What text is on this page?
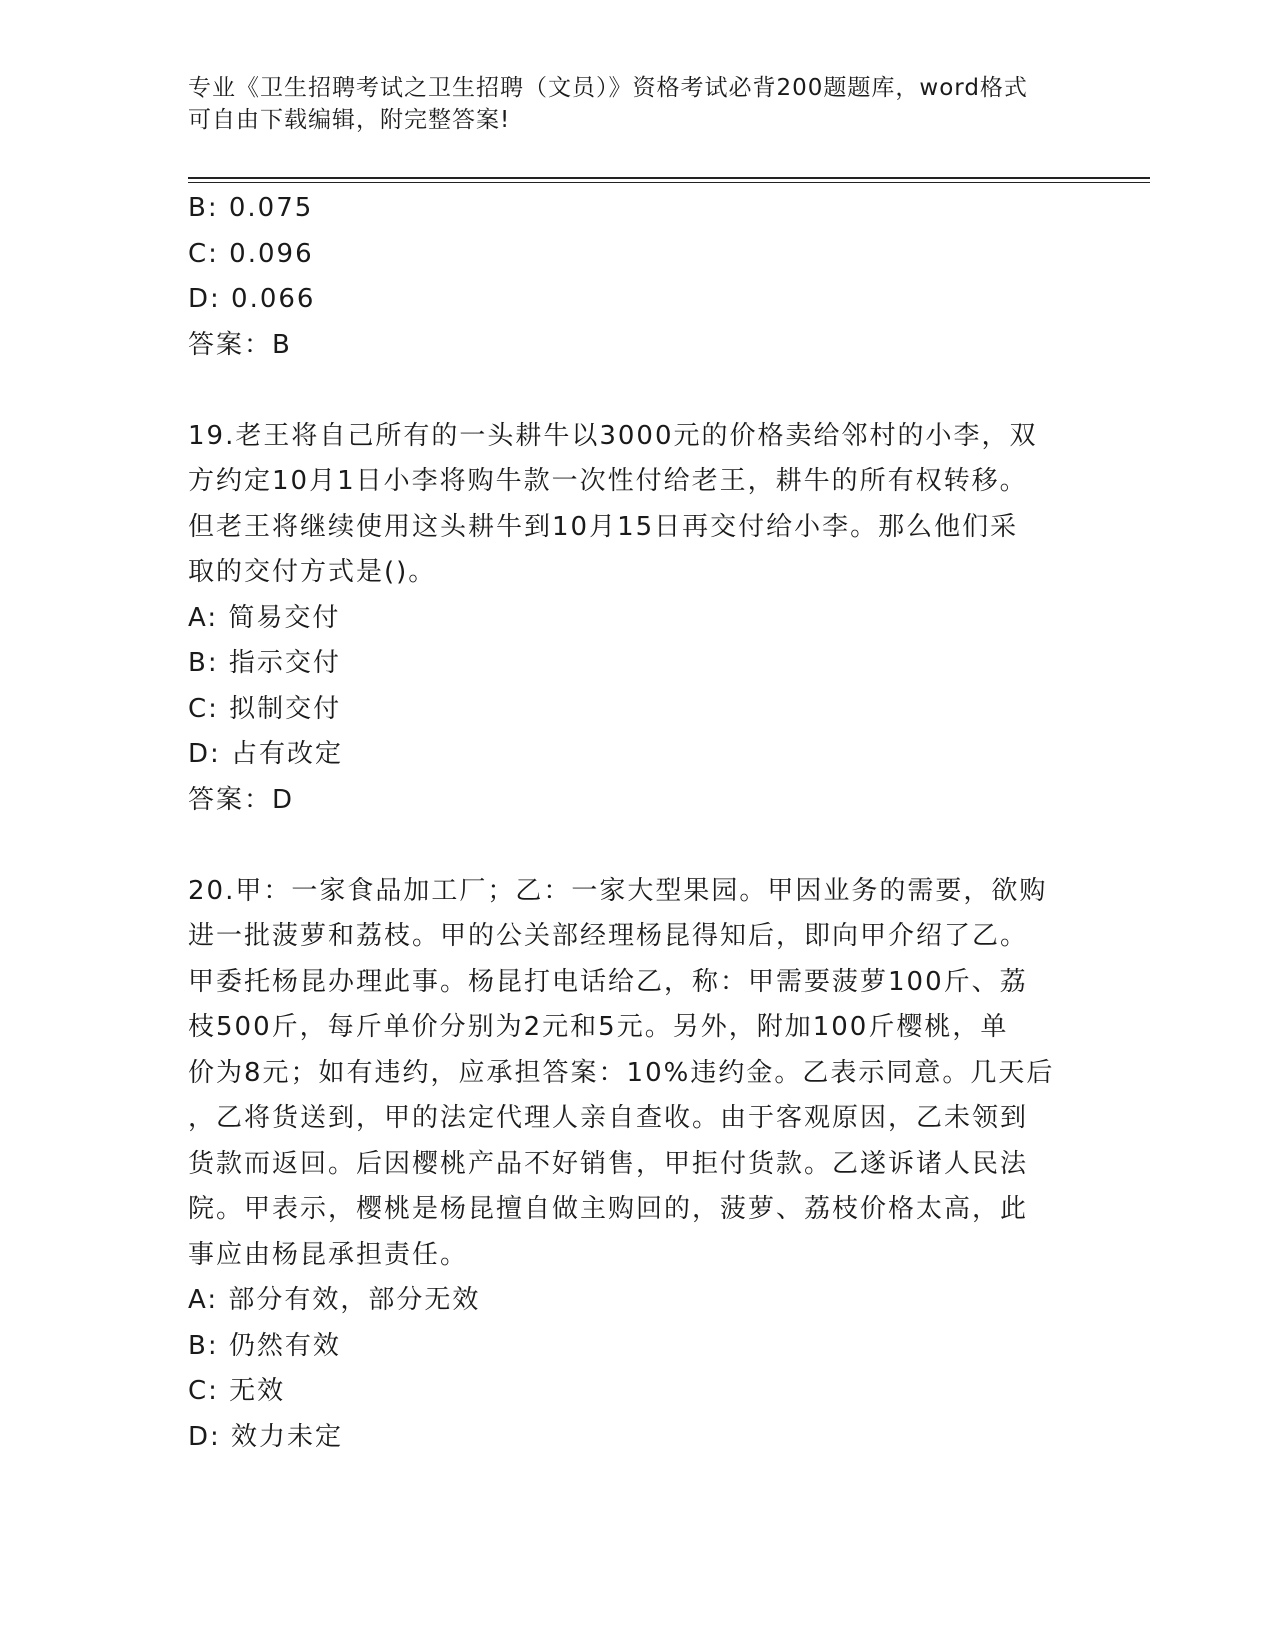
专业《卫生招聘考试之卫生招聘（文员）》资格考试必背200题题库，word格式
可自由下载编辑，附完整答案!
B: 0.075
C: 0.096
D: 0.066
答案：B
19.老王将自己所有的一头耕牛以3000元的价格卖给邻村的小李，双
方约定10月1日小李将购牛款一次性付给老王，耕牛的所有权转移。
但老王将继续使用这头耕牛到10月15日再交付给小李。那么他们采
取的交付方式是()。
A: 简易交付
B: 指示交付
C: 拟制交付
D: 占有改定
答案：D
20.甲：一家食品加工厂；乙：一家大型果园。甲因业务的需要，欲购
进一批菠萝和荔枝。甲的公关部经理杨昆得知后，即向甲介绍了乙。
甲委托杨昆办理此事。杨昆打电话给乙，称：甲需要菠萝100斤、荔
枝500斤，每斤单价分别为2元和5元。另外，附加100斤樱桃，单
价为8元；如有违约，应承担答案：10%违约金。乙表示同意。几天后
，乙将货送到，甲的法定代理人亲自查收。由于客观原因，乙未领到
货款而返回。后因樱桃产品不好销售，甲拒付货款。乙遂诉诸人民法
院。甲表示，樱桃是杨昆擅自做主购回的，菠萝、荔枝价格太高，此
事应由杨昆承担责任。
A: 部分有效，部分无效
B: 仍然有效
C: 无效
D: 效力未定
